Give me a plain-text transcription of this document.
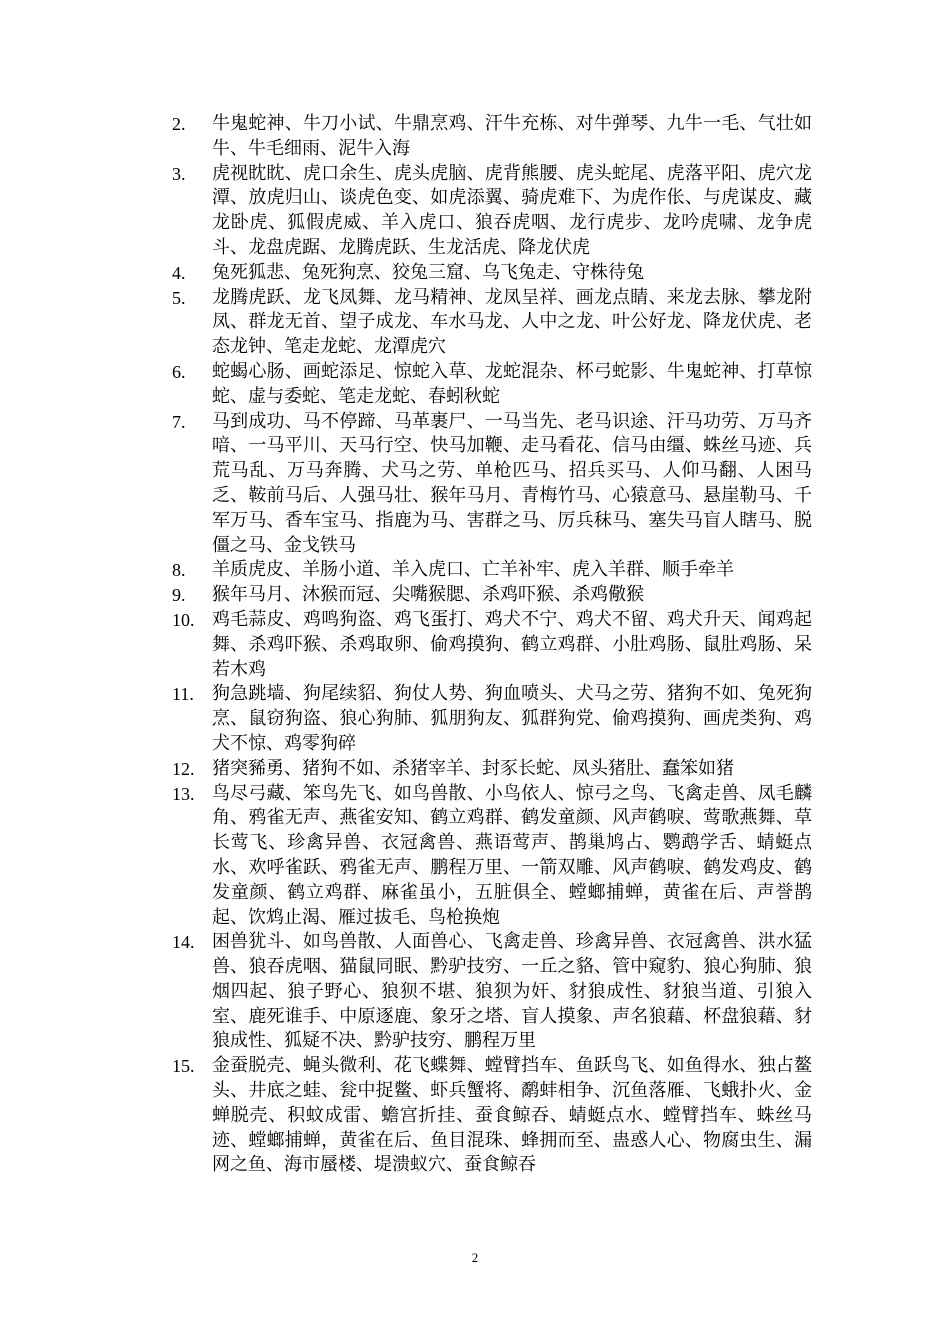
2.	牛鬼蛇神、牛刀小试、牛鼎烹鸡、汗牛充栋、对牛弹琴、九牛一毛、气壮如牛、牛毛细雨、泥牛入海
3.	虎视眈眈、虎口余生、虎头虎脑、虎背熊腰、虎头蛇尾、虎落平阳、虎穴龙潭、放虎归山、谈虎色变、如虎添翼、骑虎难下、为虎作伥、与虎谋皮、藏龙卧虎、狐假虎威、羊入虎口、狼吞虎咽、龙行虎步、龙吟虎啸、龙争虎斗、龙盘虎踞、龙腾虎跃、生龙活虎、降龙伏虎
4.	兔死狐悲、兔死狗烹、狡兔三窟、乌飞兔走、守株待兔
5.	龙腾虎跃、龙飞凤舞、龙马精神、龙凤呈祥、画龙点睛、来龙去脉、攀龙附凤、群龙无首、望子成龙、车水马龙、人中之龙、叶公好龙、降龙伏虎、老态龙钟、笔走龙蛇、龙潭虎穴
6.	蛇蝎心肠、画蛇添足、惊蛇入草、龙蛇混杂、杯弓蛇影、牛鬼蛇神、打草惊蛇、虚与委蛇、笔走龙蛇、春蚓秋蛇
7.	马到成功、马不停蹄、马革裹尸、一马当先、老马识途、汗马功劳、万马齐喑、一马平川、天马行空、快马加鞭、走马看花、信马由缰、蛛丝马迹、兵荒马乱、万马奔腾、犬马之劳、单枪匹马、招兵买马、人仰马翻、人困马乏、鞍前马后、人强马壮、猴年马月、青梅竹马、心猿意马、悬崖勒马、千军万马、香车宝马、指鹿为马、害群之马、厉兵秣马、塞失马盲人瞎马、脱僵之马、金戈铁马
8.	羊质虎皮、羊肠小道、羊入虎口、亡羊补牢、虎入羊群、顺手牵羊
9.	猴年马月、沐猴而冠、尖嘴猴腮、杀鸡吓猴、杀鸡儆猴
10. 鸡毛蒜皮、鸡鸣狗盗、鸡飞蛋打、鸡犬不宁、鸡犬不留、鸡犬升天、闻鸡起舞、杀鸡吓猴、杀鸡取卵、偷鸡摸狗、鹤立鸡群、小肚鸡肠、鼠肚鸡肠、呆若木鸡
11.	狗急跳墙、狗尾续貂、狗仗人势、狗血喷头、犬马之劳、猪狗不如、兔死狗烹、鼠窃狗盗、狼心狗肺、狐朋狗友、狐群狗党、偷鸡摸狗、画虎类狗、鸡犬不惊、鸡零狗碎
12. 猪突豨勇、猪狗不如、杀猪宰羊、封豕长蛇、凤头猪肚、蠢笨如猪
13. 鸟尽弓藏、笨鸟先飞、如鸟兽散、小鸟依人、惊弓之鸟、飞禽走兽、凤毛麟角、鸦雀无声、燕雀安知、鹤立鸡群、鹤发童颜、风声鹤唳、莺歌燕舞、草长莺飞、珍禽异兽、衣冠禽兽、燕语莺声、鹊巢鸠占、鹦鹉学舌、蜻蜓点水、欢呼雀跃、鸦雀无声、鹏程万里、一箭双雕、风声鹤唳、鹤发鸡皮、鹤发童颜、鹤立鸡群、麻雀虽小，五脏俱全、螳螂捕蝉，黄雀在后、声誉鹊起、饮鸩止渴、雁过拔毛、鸟枪换炮
14. 困兽犹斗、如鸟兽散、人面兽心、飞禽走兽、珍禽异兽、衣冠禽兽、洪水猛兽、狼吞虎咽、猫鼠同眠、黔驴技穷、一丘之貉、管中窥豹、狼心狗肺、狼烟四起、狼子野心、狼狈不堪、狼狈为奸、豺狼成性、豺狼当道、引狼入室、鹿死谁手、中原逐鹿、象牙之塔、盲人摸象、声名狼藉、杯盘狼藉、豺狼成性、狐疑不决、黔驴技穷、鹏程万里
15. 金蚕脱壳、蝇头微利、花飞蝶舞、螳臂挡车、鱼跃鸟飞、如鱼得水、独占鳌头、井底之蛙、瓮中捉鳖、虾兵蟹将、鹬蚌相争、沉鱼落雁、飞蛾扑火、金蝉脱壳、积蚊成雷、蟾宫折挂、蚕食鲸吞、蜻蜓点水、螳臂挡车、蛛丝马迹、螳螂捕蝉，黄雀在后、鱼目混珠、蜂拥而至、蛊惑人心、物腐虫生、漏网之鱼、海市蜃楼、堤溃蚁穴、蚕食鲸吞
2
